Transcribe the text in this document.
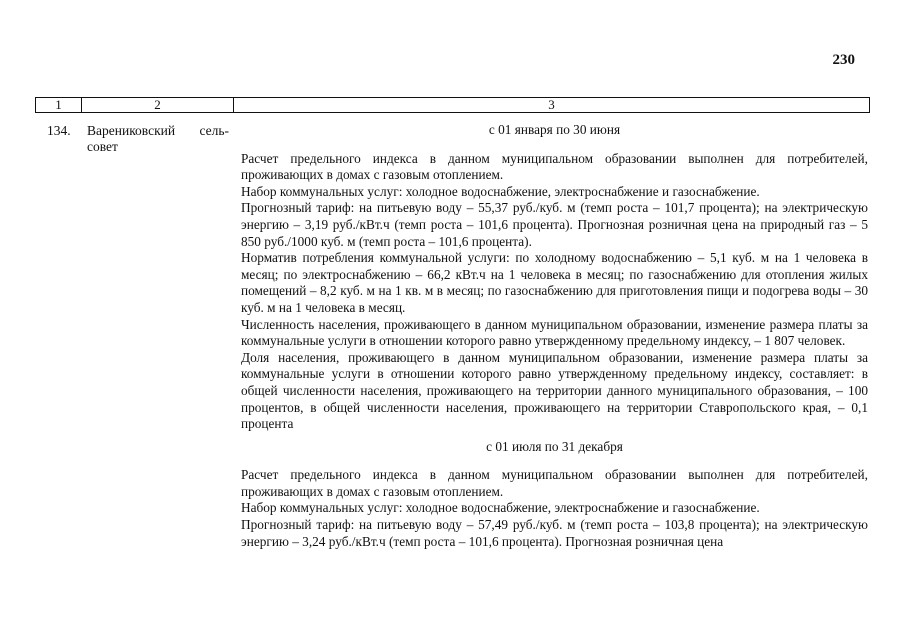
230
1	2	3
134. Варениковский сель-совет
с 01 января по 30 июня

Расчет предельного индекса в данном муниципальном образовании выполнен для потребителей, проживающих в домах с газовым отоплением.

Набор коммунальных услуг: холодное водоснабжение, электроснабжение и газоснабжение.

Прогнозный тариф: на питьевую воду – 55,37 руб./куб. м (темп роста – 101,7 процента); на электрическую энергию – 3,19 руб./кВт.ч (темп роста – 101,6 процента). Прогнозная розничная цена на природный газ – 5 850 руб./1000 куб. м (темп роста – 101,6 процента).

Норматив потребления коммунальной услуги: по холодному водоснабжению – 5,1 куб. м на 1 человека в месяц; по электроснабжению – 66,2 кВт.ч на 1 человека в месяц; по газоснабжению для отопления жилых помещений – 8,2 куб. м на 1 кв. м в месяц; по газоснабжению для приготовления пищи и подогрева воды – 30 куб. м на 1 человека в месяц.

Численность населения, проживающего в данном муниципальном образовании, изменение размера платы за коммунальные услуги в отношении которого равно утвержденному предельному индексу, – 1 807 человек.

Доля населения, проживающего в данном муниципальном образовании, изменение размера платы за коммунальные услуги в отношении которого равно утвержденному предельному индексу, составляет: в общей численности населения, проживающего на территории данного муниципального образования, – 100 процентов, в общей численности населения, проживающего на территории Ставропольского края, – 0,1 процента

с 01 июля по 31 декабря

Расчет предельного индекса в данном муниципальном образовании выполнен для потребителей, проживающих в домах с газовым отоплением.

Набор коммунальных услуг: холодное водоснабжение, электроснабжение и газоснабжение.

Прогнозный тариф: на питьевую воду – 57,49 руб./куб. м (темп роста – 103,8 процента); на электрическую энергию – 3,24 руб./кВт.ч (темп роста – 101,6 процента). Прогнозная розничная цена
